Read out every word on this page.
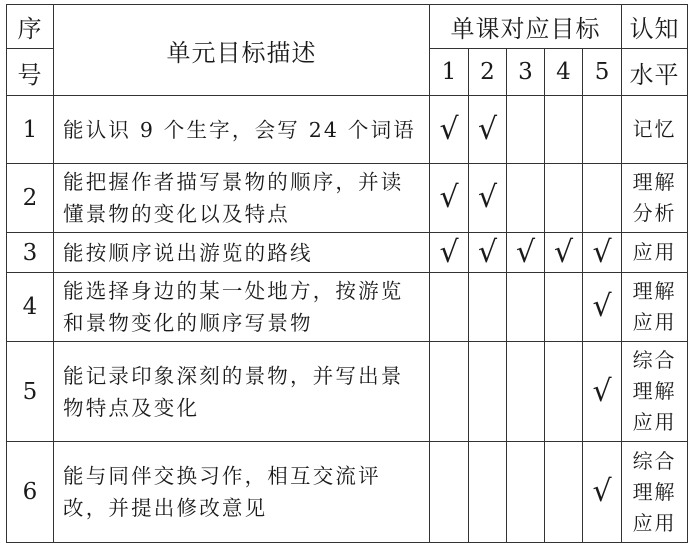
序	单元目标描述	单课对应目标					认知
号		1	2	3	4	5	水平
1	能认识 9 个生字，会写 24 个词语	√	√				记忆

2	能把握作者描写景物的顺序，并读懂景物的变化以及特点	√	√				理解
分析

3	能按顺序说出游览的路线	√	√	√	√	√	应用

4	能选择身边的某一处地方，按游览和景物变化的顺序写景物					√	理解
应用

5	能记录印象深刻的景物，并写出景物特点及变化					√	综合
理解
应用

6	能与同伴交换习作，相互交流评改，并提出修改意见					√	综合
理解
应用
